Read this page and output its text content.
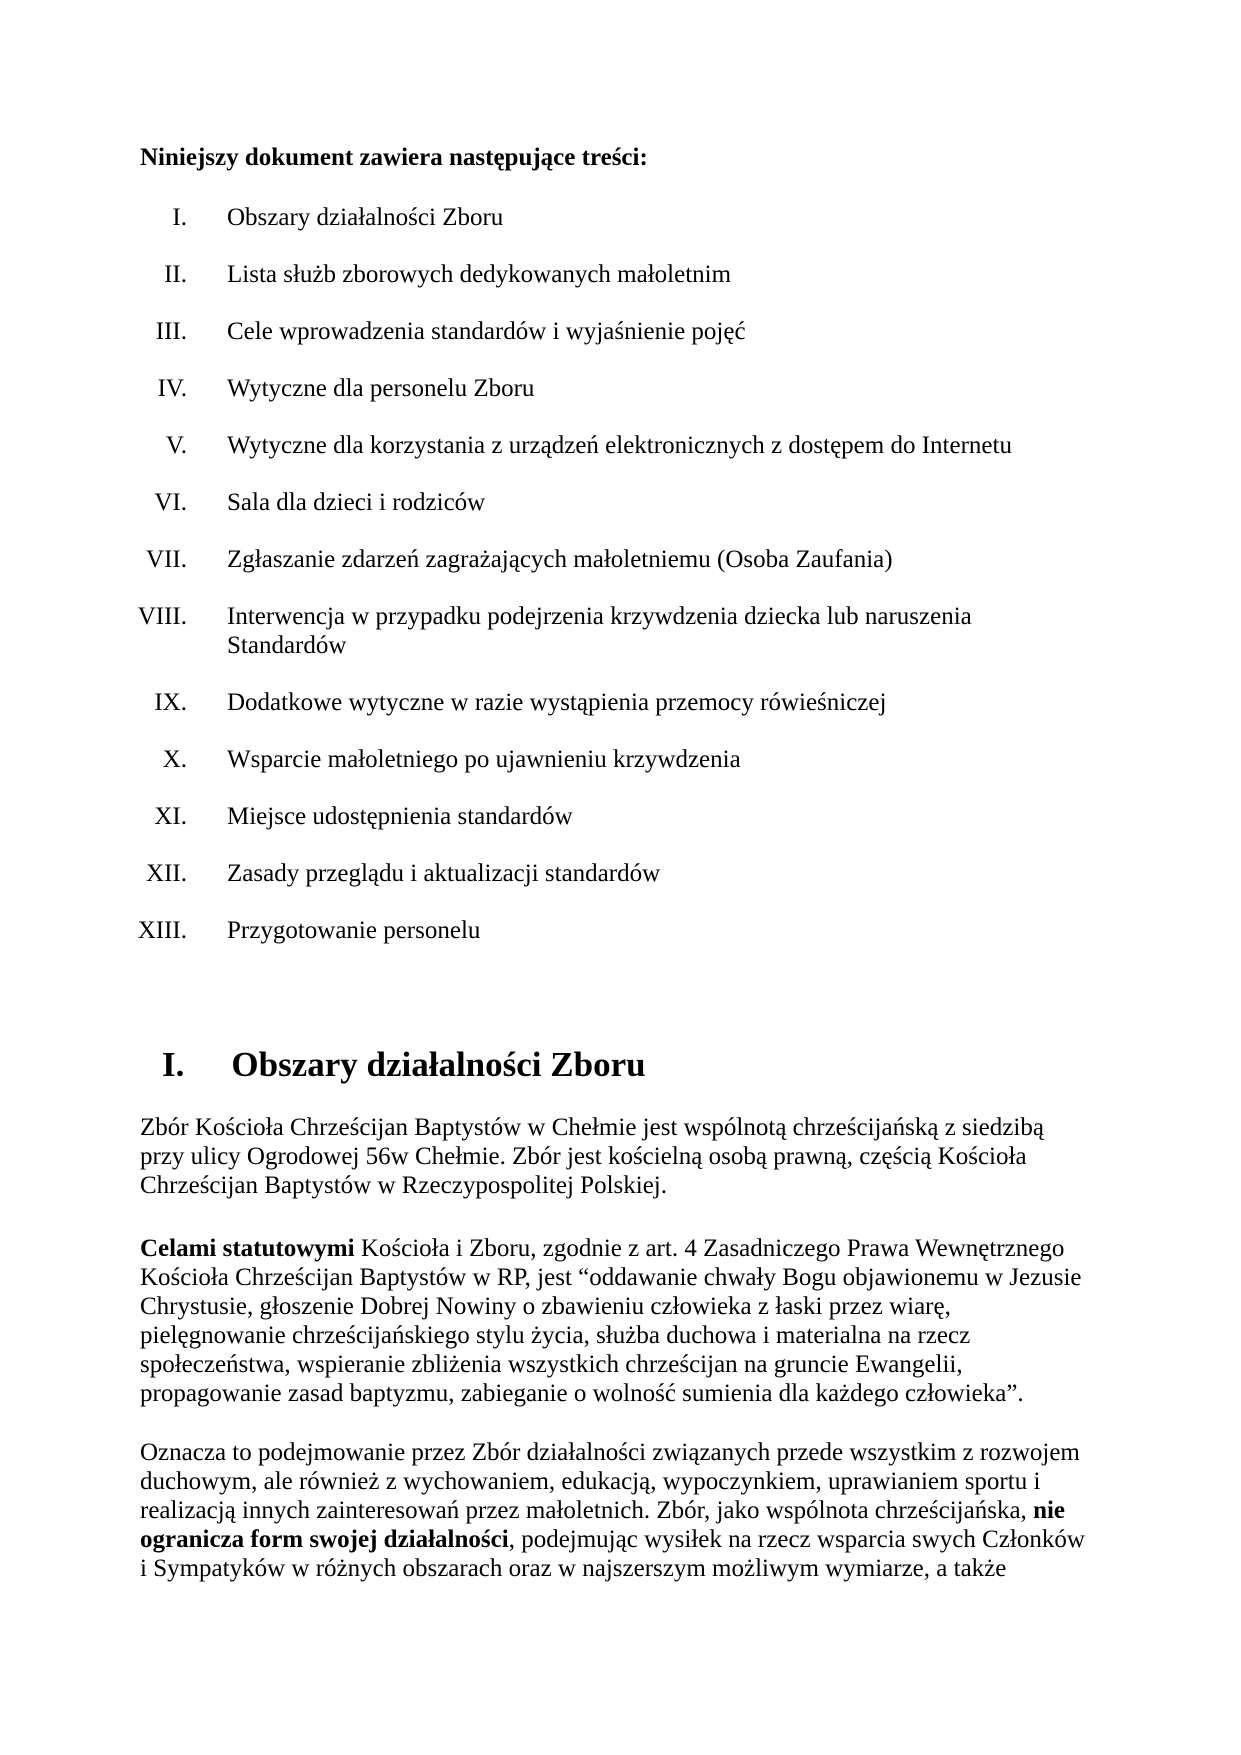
Niniejszy dokument zawiera następujące treści:
I. Obszary działalności Zboru
II. Lista służb zborowych dedykowanych małoletnim
III. Cele wprowadzenia standardów i wyjaśnienie pojęć
IV. Wytyczne dla personelu Zboru
V. Wytyczne dla korzystania z urządzeń elektronicznych z dostępem do Internetu
VI. Sala dla dzieci i rodziców
VII. Zgłaszanie zdarzeń zagrażających małoletniemu (Osoba Zaufania)
VIII. Interwencja w przypadku podejrzenia krzywdzenia dziecka lub naruszenia Standardów
IX. Dodatkowe wytyczne w razie wystąpienia przemocy rówieśniczej
X. Wsparcie małoletniego po ujawnieniu krzywdzenia
XI. Miejsce udostępnienia standardów
XII. Zasady przeglądu i aktualizacji standardów
XIII. Przygotowanie personelu
I. Obszary działalności Zboru

Zbór Kościoła Chrześcijan Baptystów w Chełmie jest wspólnotą chrześcijańską z siedzibą przy ulicy Ogrodowej 56w Chełmie. Zbór jest kościelną osobą prawną, częścią Kościoła Chrześcijan Baptystów w Rzeczypospolitej Polskiej.

Celami statutowymi Kościoła i Zboru, zgodnie z art. 4 Zasadniczego Prawa Wewnętrznego Kościoła Chrześcijan Baptystów w RP, jest “oddawanie chwały Bogu objawionemu w Jezusie Chrystusie, głoszenie Dobrej Nowiny o zbawieniu człowieka z łaski przez wiarę, pielęgnowanie chrześcijańskiego stylu życia, służba duchowa i materialna na rzecz społeczeństwa, wspieranie zbliżenia wszystkich chrześcijan na gruncie Ewangelii, propagowanie zasad baptyzmu, zabieganie o wolność sumienia dla każdego człowieka”.

Oznacza to podejmowanie przez Zbór działalności związanych przede wszystkim z rozwojem duchowym, ale również z wychowaniem, edukacją, wypoczynkiem, uprawianiem sportu i realizacją innych zainteresowań przez małoletnich. Zbór, jako wspólnota chrześcijańska, nie ogranicza form swojej działalności, podejmując wysiłek na rzecz wsparcia swych Członków i Sympatyków w różnych obszarach oraz w najszerszym możliwym wymiarze, a także
